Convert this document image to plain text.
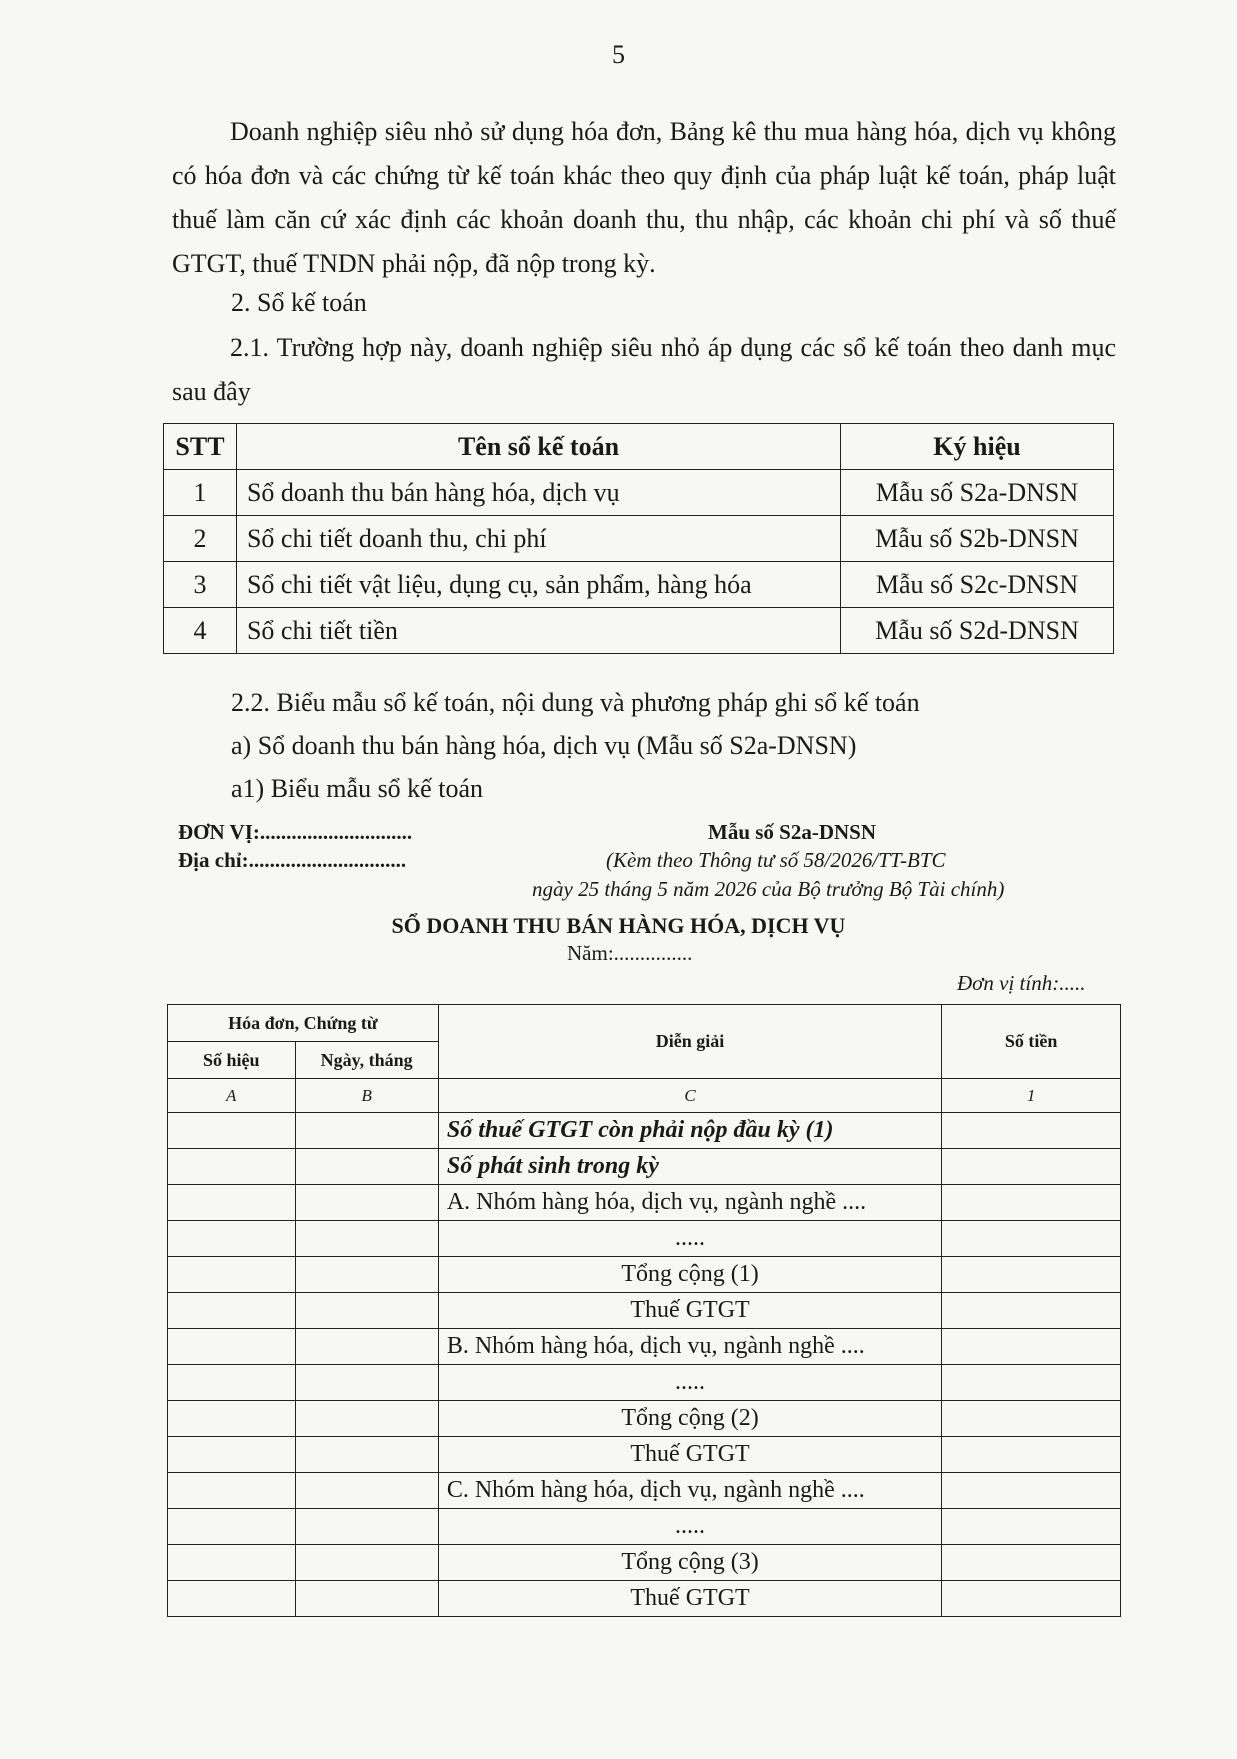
5

Doanh nghiệp siêu nhỏ sử dụng hóa đơn, Bảng kê thu mua hàng hóa, dịch vụ không có hóa đơn và các chứng từ kế toán khác theo quy định của pháp luật kế toán, pháp luật thuế làm căn cứ xác định các khoản doanh thu, thu nhập, các khoản chi phí và số thuế GTGT, thuế TNDN phải nộp, đã nộp trong kỳ.

2. Sổ kế toán

2.1. Trường hợp này, doanh nghiệp siêu nhỏ áp dụng các sổ kế toán theo danh mục sau đây

STT	Tên sổ kế toán	Ký hiệu
1	Sổ doanh thu bán hàng hóa, dịch vụ	Mẫu số S2a-DNSN
2	Sổ chi tiết doanh thu, chi phí	Mẫu số S2b-DNSN
3	Sổ chi tiết vật liệu, dụng cụ, sản phẩm, hàng hóa	Mẫu số S2c-DNSN
4	Sổ chi tiết tiền	Mẫu số S2d-DNSN

2.2. Biểu mẫu sổ kế toán, nội dung và phương pháp ghi sổ kế toán

a) Sổ doanh thu bán hàng hóa, dịch vụ (Mẫu số S2a-DNSN)

a1) Biểu mẫu sổ kế toán

ĐƠN VỊ:.............................

Địa chỉ:..............................

Mẫu số S2a-DNSN

(Kèm theo Thông tư số 58/2026/TT-BTC

ngày 25 tháng 5 năm 2026 của Bộ trưởng Bộ Tài chính)

SỔ DOANH THU BÁN HÀNG HÓA, DỊCH VỤ

Năm:...............

Đơn vị tính:.....

Hóa đơn, Chứng từ		Diễn giải	Số tiền
Số hiệu	Ngày, tháng		
A	B	C	1
		Số thuế GTGT còn phải nộp đầu kỳ (1)	
		Số phát sinh trong kỳ	
		A. Nhóm hàng hóa, dịch vụ, ngành nghề ....	
		.....	
		Tổng cộng (1)	
		Thuế GTGT	
		B. Nhóm hàng hóa, dịch vụ, ngành nghề ....	
		.....	
		Tổng cộng (2)	
		Thuế GTGT	
		C. Nhóm hàng hóa, dịch vụ, ngành nghề ....	
		.....	
		Tổng cộng (3)	
		Thuế GTGT	
